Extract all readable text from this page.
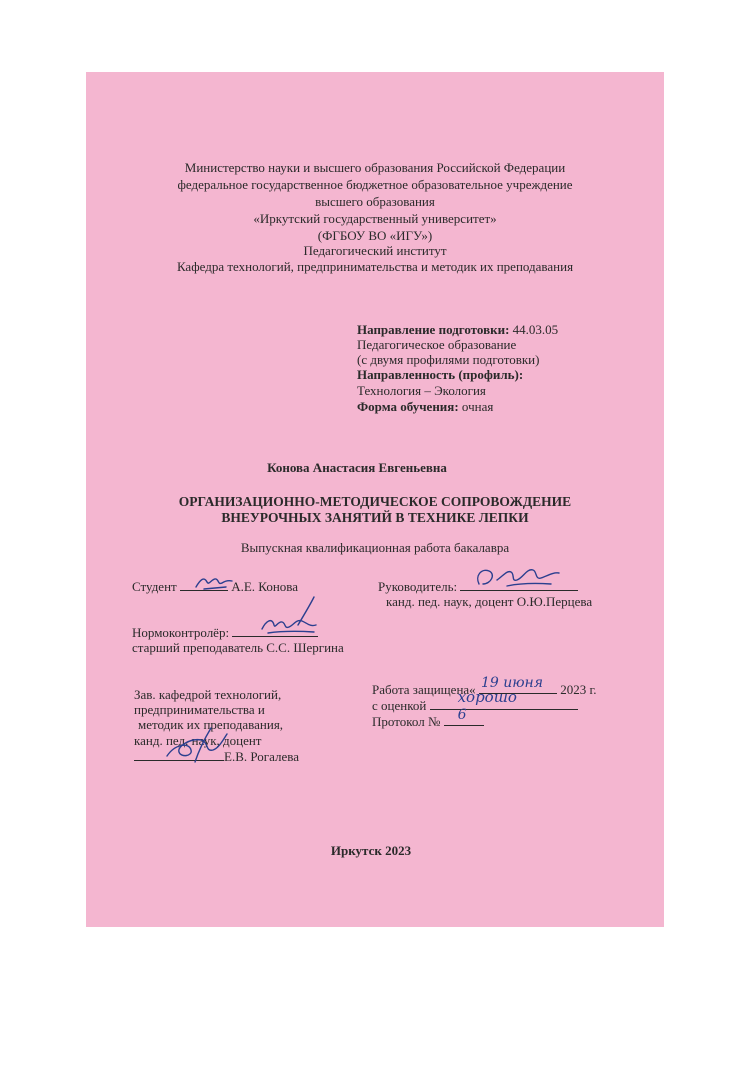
Министерство науки и высшего образования Российской Федерации
федеральное государственное бюджетное образовательное учреждение
высшего образования
«Иркутский государственный университет»
(ФГБОУ ВО «ИГУ»)
Педагогический институт
Кафедра технологий, предпринимательства и методик их преподавания
Направление подготовки: 44.03.05
Педагогическое образование
(с двумя профилями подготовки)
Направленность (профиль):
Технология – Экология
Форма обучения: очная
Конова Анастасия Евгеньевна
ОРГАНИЗАЦИОННО-МЕТОДИЧЕСКОЕ СОПРОВОЖДЕНИЕ
ВНЕУРОЧНЫХ ЗАНЯТИЙ В ТЕХНИКЕ ЛЕПКИ
Выпускная квалификационная работа бакалавра
Студент	А.Е. Конова	Руководитель:
канд. пед. наук, доцент О.Ю.Перцева
Нормоконтролёр:
старший преподаватель С.С. Шергина
Зав. кафедрой технологий,
предпринимательства и
методик их преподавания,
канд. пед. наук, доцент
Е.В. Рогалева
Работа защищена« 19 июня 2023 г.
с оценкой хорошо
Протокол № 6
Иркутск 2023
